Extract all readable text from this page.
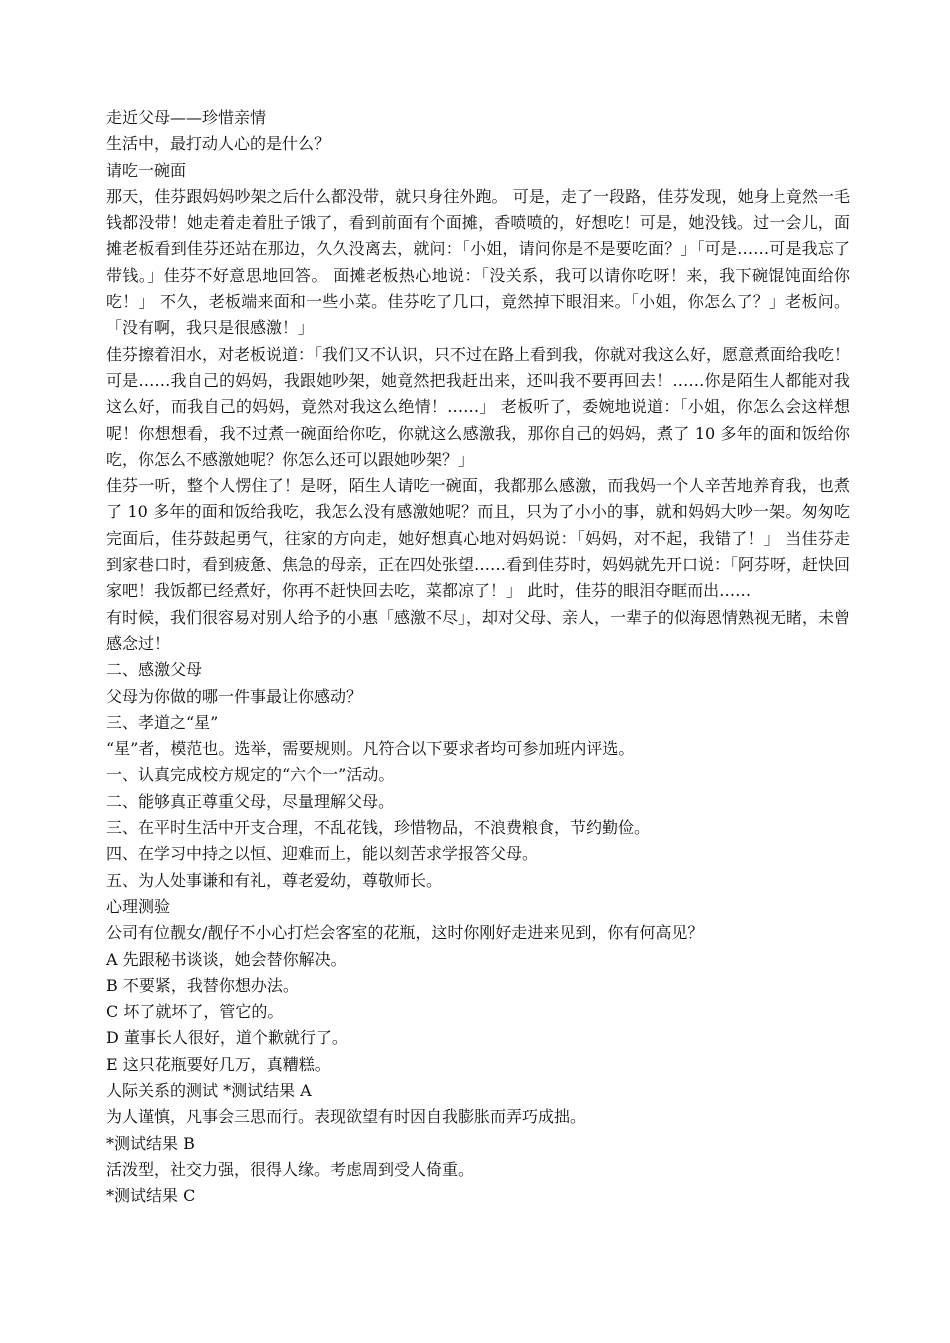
走近父母——珍惜亲情

生活中，最打动人心的是什么？

请吃一碗面

那天，佳芬跟妈妈吵架之后什么都没带，就只身往外跑。 可是，走了一段路，佳芬发现，她身上竟然一毛钱都没带！她走着走着肚子饿了，看到前面有个面摊，香喷喷的，好想吃！可是，她没钱。过一会儿，面摊老板看到佳芬还站在那边，久久没离去，就问：「小姐，请问你是不是要吃面？」「可是……可是我忘了带钱。」佳芬不好意思地回答。 面摊老板热心地说：「没关系，我可以请你吃呀！来，我下碗馄饨面给你吃！」 不久，老板端来面和一些小菜。佳芬吃了几口，竟然掉下眼泪来。「小姐，你怎么了？」老板问。 「没有啊，我只是很感激！」

佳芬擦着泪水，对老板说道：「我们又不认识，只不过在路上看到我，你就对我这么好，愿意煮面给我吃！可是……我自己的妈妈，我跟她吵架，她竟然把我赶出来，还叫我不要再回去！……你是陌生人都能对我这么好，而我自己的妈妈，竟然对我这么绝情！……」 老板听了，委婉地说道：「小姐，你怎么会这样想呢！你想想看，我不过煮一碗面给你吃，你就这么感激我，那你自己的妈妈，煮了 10 多年的面和饭给你吃，你怎么不感激她呢？你怎么还可以跟她吵架？」

佳芬一听，整个人愣住了！是呀，陌生人请吃一碗面，我都那么感激，而我妈一个人辛苦地养育我，也煮了 10 多年的面和饭给我吃，我怎么没有感激她呢？而且，只为了小小的事，就和妈妈大吵一架。匆匆吃完面后，佳芬鼓起勇气，往家的方向走，她好想真心地对妈妈说：「妈妈，对不起，我错了！」 当佳芬走到家巷口时，看到疲惫、焦急的母亲，正在四处张望……看到佳芬时，妈妈就先开口说：「阿芬呀，赶快回家吧！我饭都已经煮好，你再不赶快回去吃，菜都凉了！」 此时，佳芬的眼泪夺眶而出……

有时候，我们很容易对别人给予的小惠「感激不尽」，却对父母、亲人，一辈子的似海恩情熟视无睹，未曾感念过！

二、感激父母

父母为你做的哪一件事最让你感动？

三、孝道之“星”

“星”者，模范也。选举，需要规则。凡符合以下要求者均可参加班内评选。

一、认真完成校方规定的“六个一”活动。

二、能够真正尊重父母，尽量理解父母。

三、在平时生活中开支合理，不乱花钱，珍惜物品，不浪费粮食，节约勤俭。

四、在学习中持之以恒、迎难而上，能以刻苦求学报答父母。

五、为人处事谦和有礼，尊老爱幼，尊敬师长。

心理测验

公司有位靓女/靓仔不小心打烂会客室的花瓶，这时你刚好走进来见到，你有何高见？

A 先跟秘书谈谈，她会替你解决。

B 不要紧，我替你想办法。

C 坏了就坏了，管它的。

D 董事长人很好，道个歉就行了。

E 这只花瓶要好几万，真糟糕。

人际关系的测试 *测试结果 A

为人谨慎，凡事会三思而行。表现欲望有时因自我膨胀而弄巧成拙。

*测试结果 B

活泼型，社交力强，很得人缘。考虑周到受人倚重。

*测试结果 C
